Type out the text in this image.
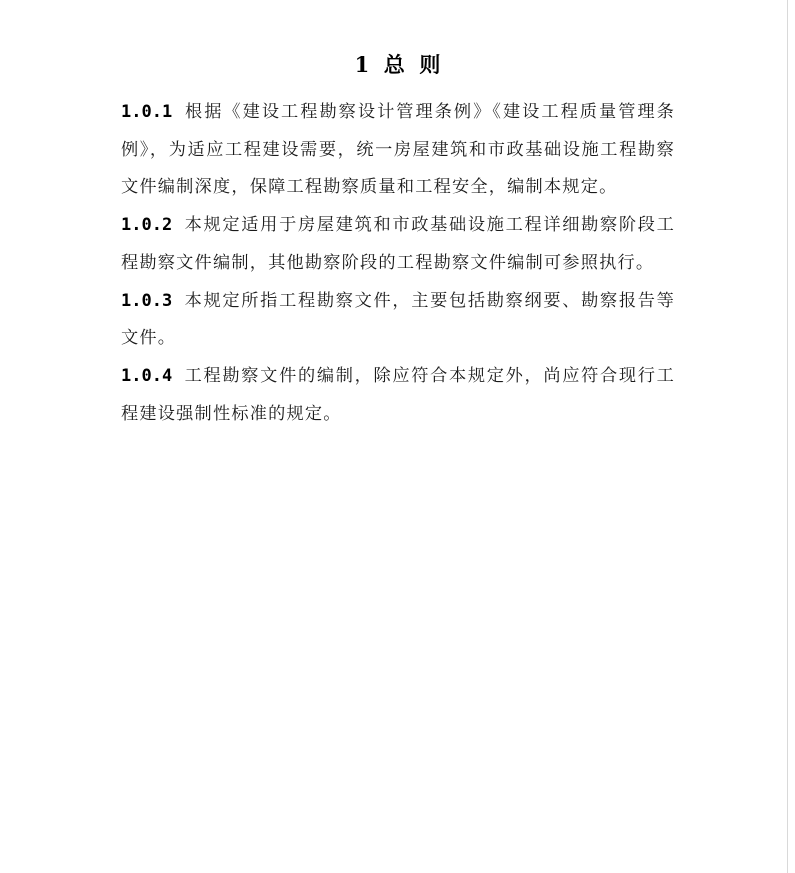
1  总  则

1.0.1 根据《建设工程勘察设计管理条例》《建设工程质量管理条例》，为适应工程建设需要，统一房屋建筑和市政基础设施工程勘察文件编制深度，保障工程勘察质量和工程安全，编制本规定。

1.0.2 本规定适用于房屋建筑和市政基础设施工程详细勘察阶段工程勘察文件编制，其他勘察阶段的工程勘察文件编制可参照执行。

1.0.3 本规定所指工程勘察文件，主要包括勘察纲要、勘察报告等文件。

1.0.4 工程勘察文件的编制，除应符合本规定外，尚应符合现行工程建设强制性标准的规定。
